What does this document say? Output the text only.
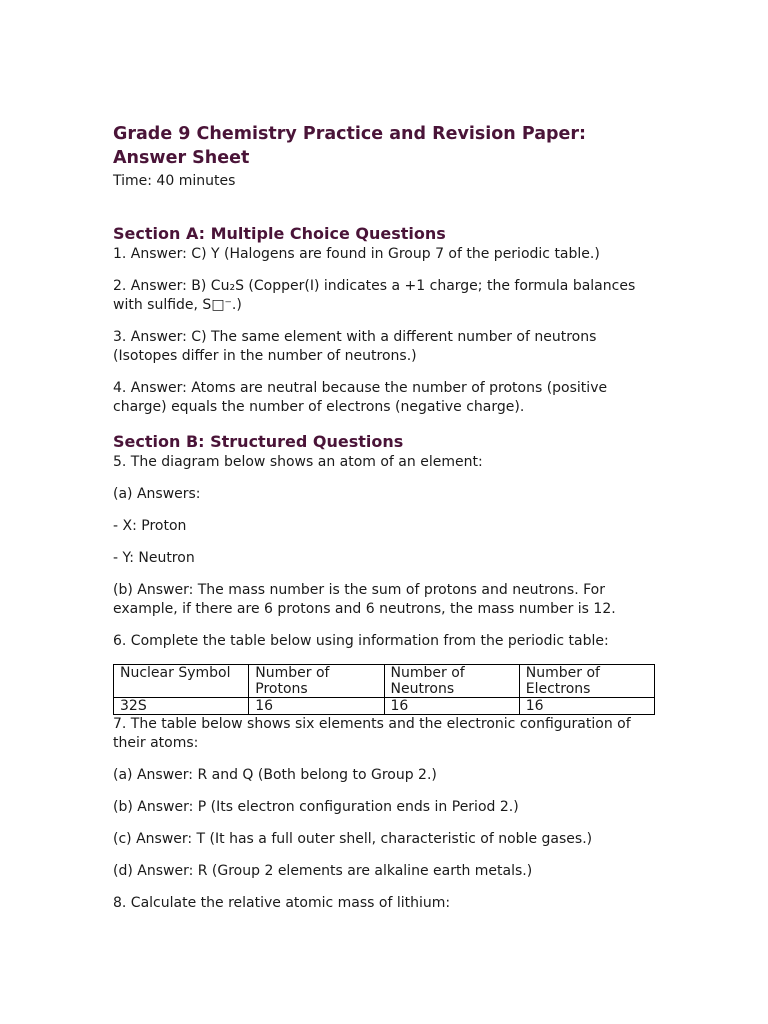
Grade 9 Chemistry Practice and Revision Paper: Answer Sheet

Time: 40 minutes

Section A: Multiple Choice Questions

1. Answer: C) Y (Halogens are found in Group 7 of the periodic table.)

2. Answer: B) Cu₂S (Copper(I) indicates a +1 charge; the formula balances with sulfide, S□⁻.)

3. Answer: C) The same element with a different number of neutrons (Isotopes differ in the number of neutrons.)

4. Answer: Atoms are neutral because the number of protons (positive charge) equals the number of electrons (negative charge).

Section B: Structured Questions

5. The diagram below shows an atom of an element:

(a) Answers:

- X: Proton

- Y: Neutron

(b) Answer: The mass number is the sum of protons and neutrons. For example, if there are 6 protons and 6 neutrons, the mass number is 12.

6. Complete the table below using information from the periodic table:

Nuclear Symbol	Number of Protons	Number of Neutrons	Number of Electrons
32S	16	16	16

7. The table below shows six elements and the electronic configuration of their atoms:

(a) Answer: R and Q (Both belong to Group 2.)

(b) Answer: P (Its electron configuration ends in Period 2.)

(c) Answer: T (It has a full outer shell, characteristic of noble gases.)

(d) Answer: R (Group 2 elements are alkaline earth metals.)

8. Calculate the relative atomic mass of lithium:
